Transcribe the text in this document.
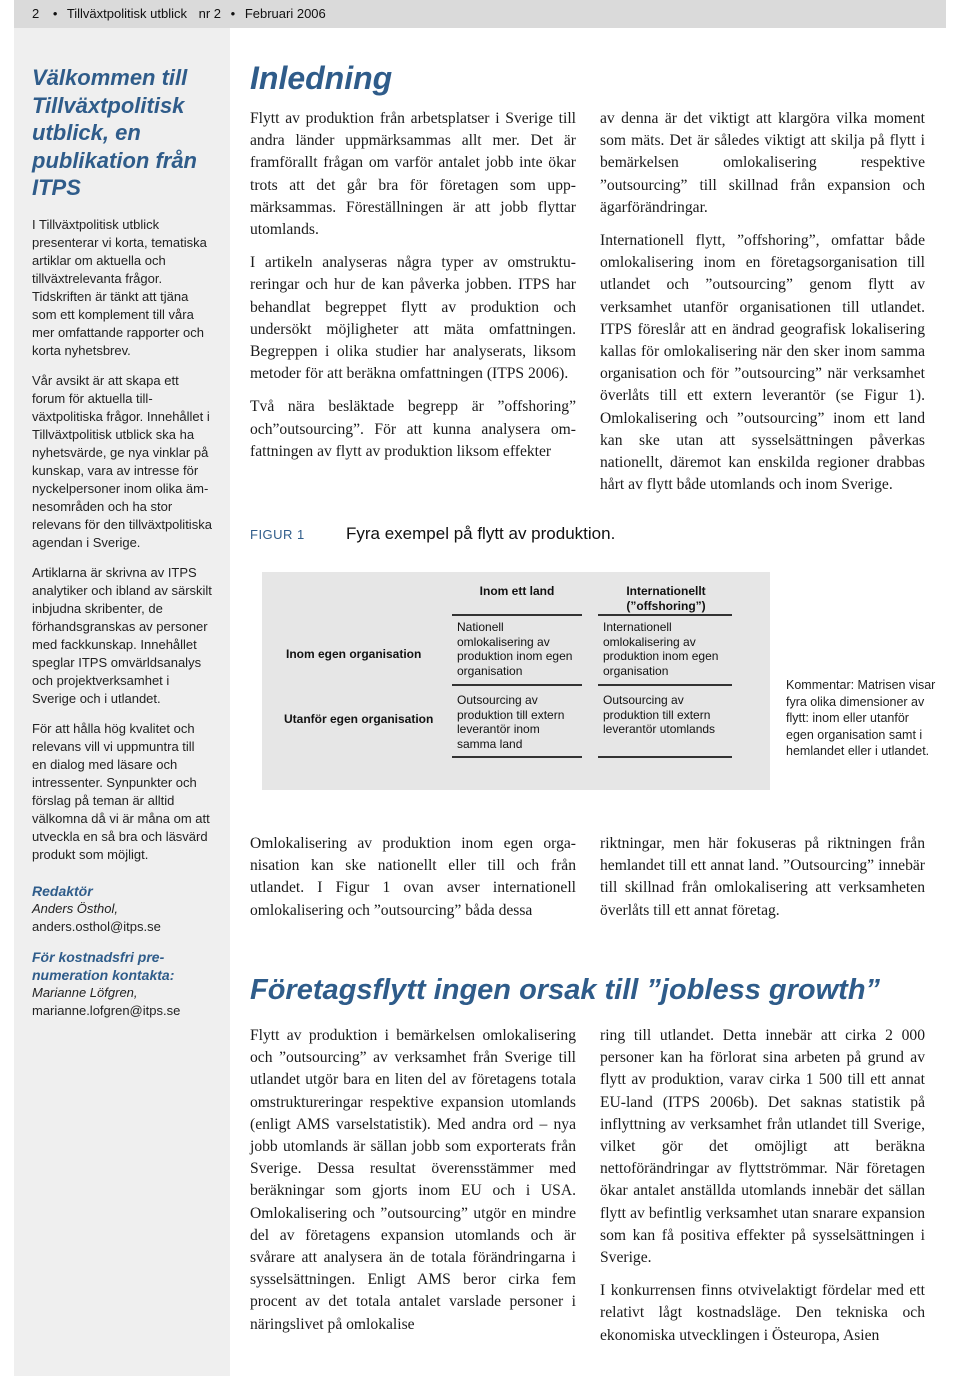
2 • Tillväxtpolitisk utblick nr 2 • Februari 2006
Välkommen till Tillväxtpolitisk utblick, en publikation från ITPS

I Tillväxtpolitisk utblick presenterar vi korta, tematiska artiklar om aktuella och tillväxtrelevanta frågor. Tidskriften är tänkt att tjäna som ett komplement till våra mer omfattande rapporter och korta nyhetsbrev.

Vår avsikt är att skapa ett forum för aktuella tillväxtpolitiska frågor. Innehållet i Tillväxtpolitisk utblick ska ha nyhetsvärde, ge nya vinklar på kunskap, vara av intresse för nyckelpersoner inom olika ämnesområden och ha stor relevans för den tillväxtpolitiska agendan i Sverige.

Artiklarna är skrivna av ITPS analytiker och ibland av särskilt inbjudna skribenter, de förhandsgranskas av personer med fackkunskap. Innehållet speglar ITPS omvärldsanalys och projektverksamhet i Sverige och i utlandet.

För att hålla hög kvalitet och relevans vill vi uppmuntra till en dialog med läsare och intressenter. Synpunkter och förslag på teman är alltid välkomna då vi är måna om att utveckla en så bra och läsvärd produkt som möjligt.

Redaktör
Anders Östhol,
anders.osthol@itps.se
För kostnadsfri prenumeration kontakta:
Marianne Löfgren,
marianne.lofgren@itps.se
Inledning

Flytt av produktion från arbetsplatser i Sverige till andra länder uppmärksammas allt mer. Det är framförallt frågan om varför antalet jobb inte ökar trots att det går bra för företagen som uppmärksammas. Föreställningen är att jobb flyttar utomlands.

I artikeln analyseras några typer av omstruktureringar och hur de kan påverka jobben. ITPS har behandlat begreppet flytt av produktion och undersökt möjligheter att mäta omfattningen. Begreppen i olika studier har analyserats, liksom metoder för att beräkna omfattningen (ITPS 2006).

Två nära besläktade begrepp är ”offshoring” och”outsourcing”. För att kunna analysera omfattningen av flytt av produktion liksom effekter

av denna är det viktigt att klargöra vilka moment som mäts. Det är således viktigt att skilja på flytt i bemärkelsen omlokalisering respektive ”outsourcing” till skillnad från expansion och ägarförändringar.

Internationell flytt, ”offshoring”, omfattar både omlokalisering inom en företagsorganisation till utlandet och ”outsourcing” genom flytt av verksamhet utanför organisationen till utlandet. ITPS föreslår att en ändrad geografisk lokalisering kallas för omlokalisering när den sker inom samma organisation och för ”outsourcing” när verksamhet överlåts till ett extern leverantör (se Figur 1). Omlokalisering och ”outsourcing” inom ett land kan ske utan att sysselsättningen påverkas nationellt, däremot kan enskilda regioner drabbas hårt av flytt både utomlands och inom Sverige.

FIGUR 1 Fyra exempel på flytt av produktion.
Inom ett land	Internationellt (”offshoring”)
Inom egen organisation
Utanför egen organisation
Nationell omlokalisering av produktion inom egen organisation
Internationell omlokalisering av produktion inom egen organisation
Outsourcing av produktion till extern leverantör inom samma land
Outsourcing av produktion till extern leverantör utomlands
Kommentar: Matrisen visar fyra olika dimensioner av flytt: inom eller utanför egen organisation samt i hemlandet eller i utlandet.

Omlokalisering av produktion inom egen organisation kan ske nationellt eller till och från utlandet. I Figur 1 ovan avser internationell omlokalisering och ”outsourcing” båda dessa

riktningar, men här fokuseras på riktningen från hemlandet till ett annat land. ”Outsourcing” innebär till skillnad från omlokalisering att verksamheten överlåts till ett annat företag.

Företagsflytt ingen orsak till ”jobless growth”

Flytt av produktion i bemärkelsen omlokalisering och ”outsourcing” av verksamhet från Sverige till utlandet utgör bara en liten del av företagens totala omstruktureringar respektive expansion utomlands (enligt AMS varselstatistik). Med andra ord – nya jobb utomlands är sällan jobb som exporterats från Sverige. Dessa resultat överensstämmer med beräkningar som gjorts inom EU och i USA. Omlokalisering och ”outsourcing” utgör en mindre del av företagens expansion utomlands och är svårare att analysera än de totala förändringarna i sysselsättningen. Enligt AMS beror cirka fem procent av det totala antalet varslade personer i näringslivet på omlokalise

ring till utlandet. Detta innebär att cirka 2 000 personer kan ha förlorat sina arbeten på grund av flytt av produktion, varav cirka 1 500 till ett annat EU-land (ITPS 2006b). Det saknas statistik på inflyttning av verksamhet från utlandet till Sverige, vilket gör det omöjligt att beräkna nettoförändringar av flyttströmmar. När företagen ökar antalet anställda utomlands innebär det sällan flytt av befintlig verksamhet utan snarare expansion som kan få positiva effekter på sysselsättningen i Sverige.

I konkurrensen finns otvivelaktigt fördelar med ett relativt lågt kostnadsläge. Den tekniska och ekonomiska utvecklingen i Östeuropa, Asien
